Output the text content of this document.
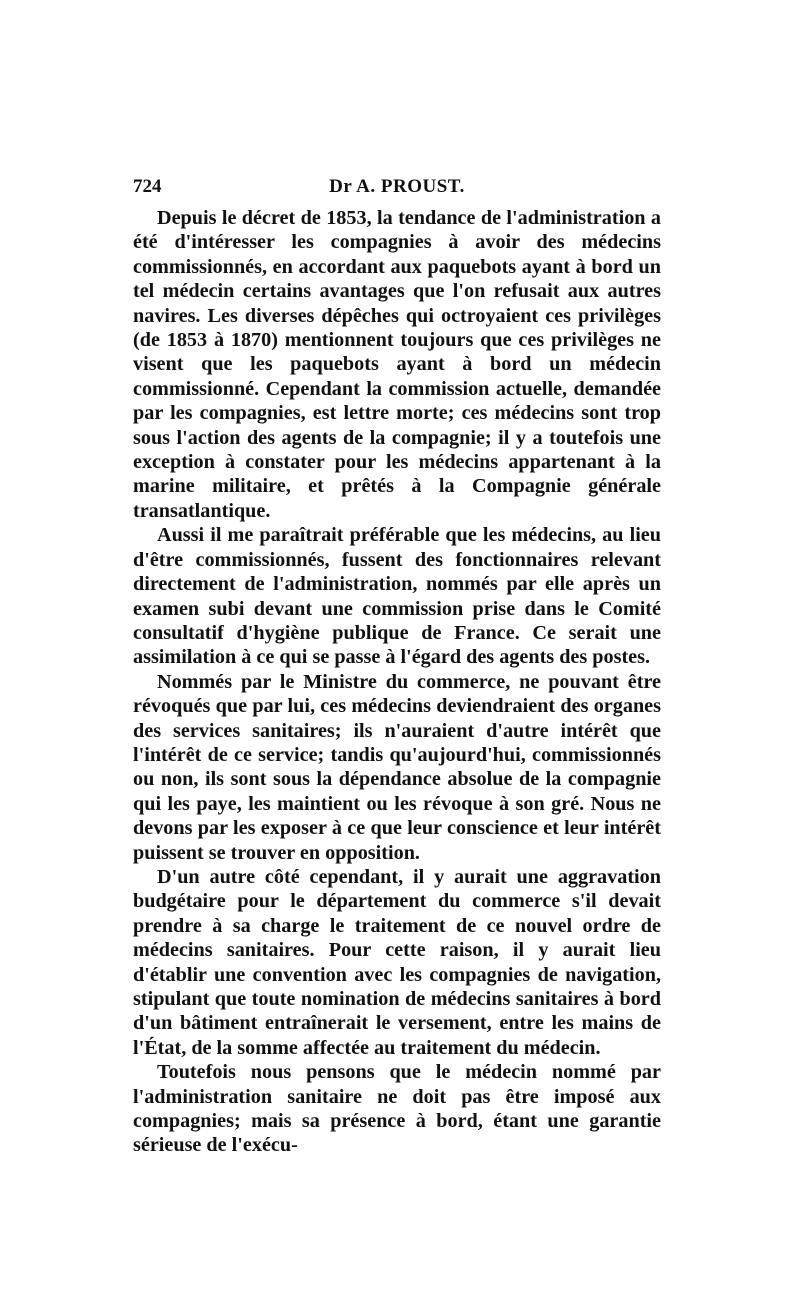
724	Dr A. PROUST.

Depuis le décret de 1853, la tendance de l'administration a été d'intéresser les compagnies à avoir des médecins commissionnés, en accordant aux paquebots ayant à bord un tel médecin certains avantages que l'on refusait aux autres navires. Les diverses dépêches qui octroyaient ces privilèges (de 1853 à 1870) mentionnent toujours que ces privilèges ne visent que les paquebots ayant à bord un médecin commissionné. Cependant la commission actuelle, demandée par les compagnies, est lettre morte; ces médecins sont trop sous l'action des agents de la compagnie; il y a toutefois une exception à constater pour les médecins appartenant à la marine militaire, et prêtés à la Compagnie générale transatlantique.

Aussi il me paraîtrait préférable que les médecins, au lieu d'être commissionnés, fussent des fonctionnaires relevant directement de l'administration, nommés par elle après un examen subi devant une commission prise dans le Comité consultatif d'hygiène publique de France. Ce serait une assimilation à ce qui se passe à l'égard des agents des postes.

Nommés par le Ministre du commerce, ne pouvant être révoqués que par lui, ces médecins deviendraient des organes des services sanitaires; ils n'auraient d'autre intérêt que l'intérêt de ce service; tandis qu'aujourd'hui, commissionnés ou non, ils sont sous la dépendance absolue de la compagnie qui les paye, les maintient ou les révoque à son gré. Nous ne devons par les exposer à ce que leur conscience et leur intérêt puissent se trouver en opposition.

D'un autre côté cependant, il y aurait une aggravation budgétaire pour le département du commerce s'il devait prendre à sa charge le traitement de ce nouvel ordre de médecins sanitaires. Pour cette raison, il y aurait lieu d'établir une convention avec les compagnies de navigation, stipulant que toute nomination de médecins sanitaires à bord d'un bâtiment entraînerait le versement, entre les mains de l'État, de la somme affectée au traitement du médecin.

Toutefois nous pensons que le médecin nommé par l'administration sanitaire ne doit pas être imposé aux compagnies; mais sa présence à bord, étant une garantie sérieuse de l'exécu-
